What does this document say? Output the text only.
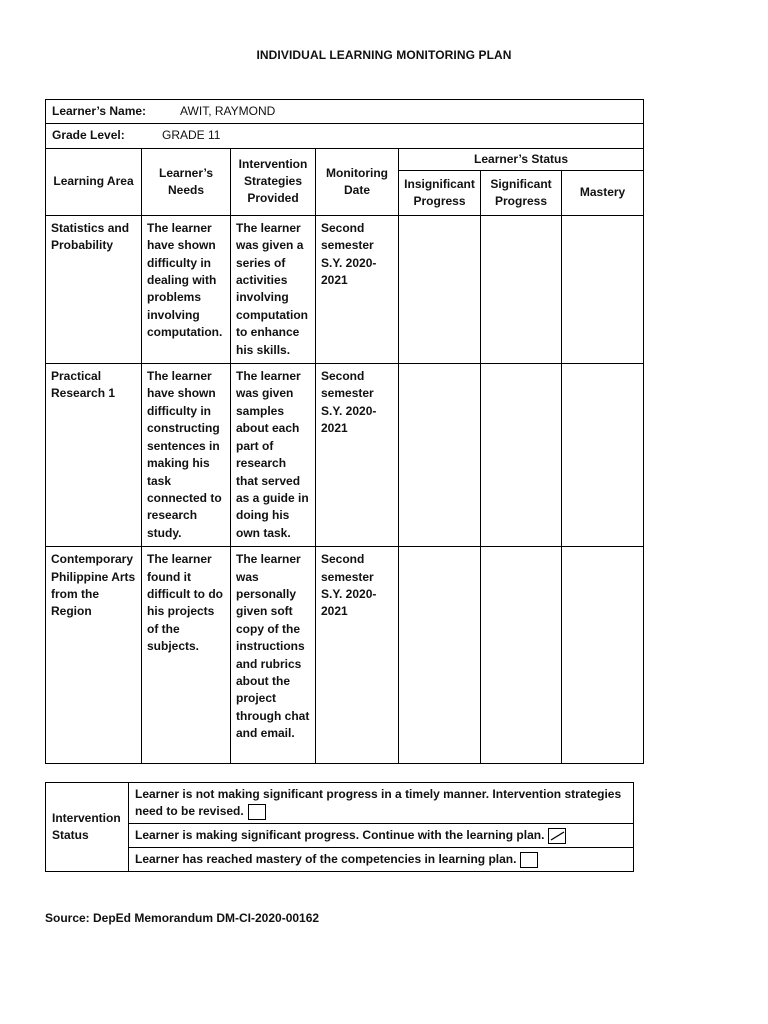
INDIVIDUAL LEARNING MONITORING PLAN
Learner’s Name: AWIT, RAYMOND						
Grade Level: GRADE 11						
Learning Area	Learner’s Needs	Intervention Strategies Provided	Monitoring Date	Learner’s Status		
				Insignificant Progress	Significant Progress	Mastery
Statistics and Probability	The learner have shown difficulty in dealing with problems involving computation.	The learner was given a series of activities involving computation to enhance his skills.	Second semester S.Y. 2020-2021			
Practical Research 1	The learner have shown difficulty in constructing sentences in making his task connected to research study.	The learner was given samples about each part of research that served as a guide in doing his own task.	Second semester S.Y. 2020-2021			
Contemporary Philippine Arts from the Region	The learner found it difficult to do his projects of the subjects.	The learner was personally given soft copy of the instructions and rubrics about the project through chat and email.	Second semester S.Y. 2020-2021			
Intervention Status	Learner is not making significant progress in a timely manner. Intervention strategies need to be revised.
Learner is making significant progress. Continue with the learning plan.

Learner has reached mastery of the competencies in learning plan.
Source: DepEd Memorandum DM-CI-2020-00162
